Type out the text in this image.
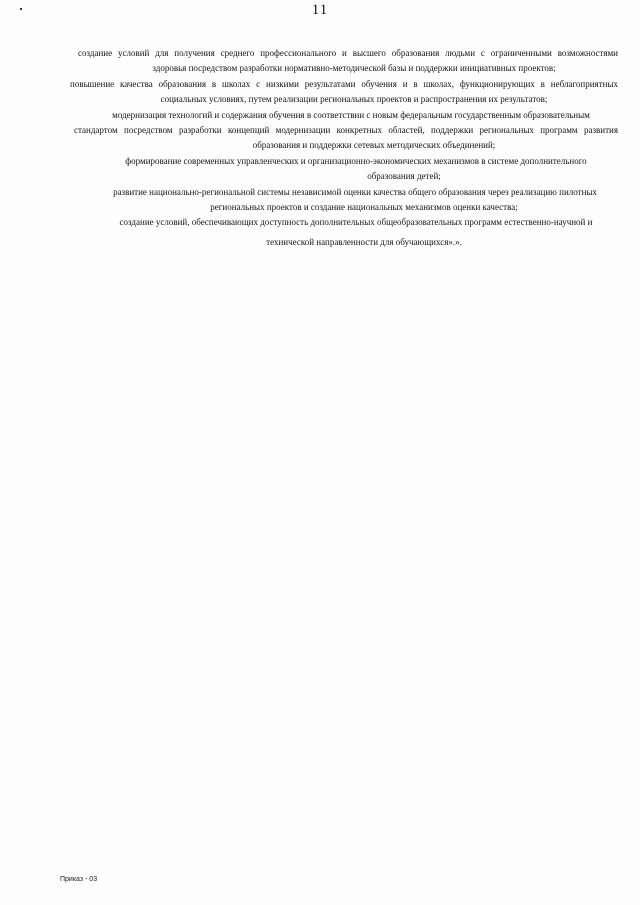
11
создание условий для получения среднего профессионального и высшего образования людьми с ограниченными возможностями
здоровья посредством разработки нормативно-методической базы и поддержки инициативных проектов;
повышение качества образования в школах с низкими результатами обучения и в школах, функционирующих в неблагоприятных
социальных условиях, путем реализации региональных проектов и распространения их результатов;
модернизация технологий и содержания обучения в соответствии с новым федеральным государственным образовательным
стандартом посредством разработки концепций модернизации конкретных областей, поддержки региональных программ развития
образования и поддержки сетевых методических объединений;
формирование современных управленческих и организационно-экономических механизмов в системе дополнительного
образования детей;
развитие национально-региональной системы независимой оценки качества общего образования через реализацию пилотных
региональных проектов и создание национальных механизмов оценки качества;
создание условий, обеспечивающих доступность дополнительных общеобразовательных программ естественно-научной и
технической направленности для обучающихся».».
Приказ - 03
